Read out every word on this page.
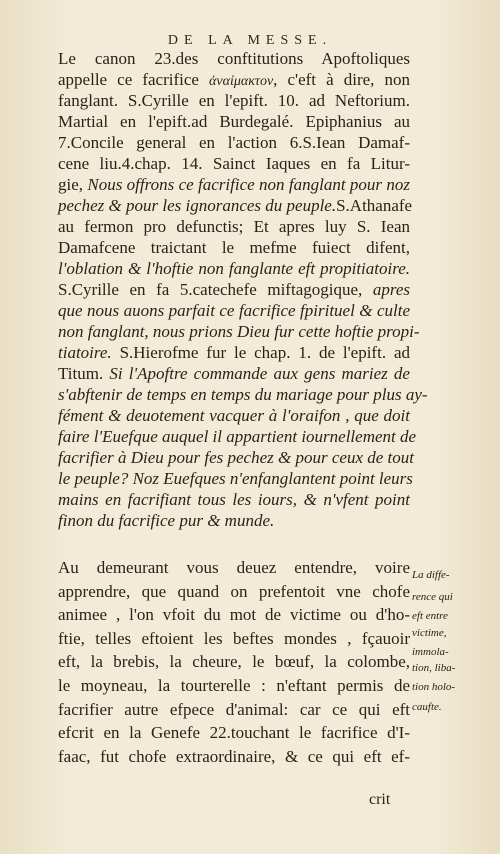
DE LA MESSE.
Le canon 23.des conftitutions Apoftoliques
appelle ce facrifice ἀναίμακτον, c'eft à dire, non
fanglant. S.Cyrille en l'epift. 10. ad Neftorium.
Martial en l'epift.ad Burdegalé. Epiphanius au
7.Concile general en l'action 6.S.Iean Damaf-
cene liu.4.chap. 14. Sainct Iaques en fa Litur-
gie, Nous offrons ce facrifice non fanglant pour noz
pechez & pour les ignorances du peuple.S.Athanafe
au fermon pro defunctis; Et apres luy S. Iean
Damafcene traictant le mefme fuiect difent,
l'oblation & l'hoftie non fanglante eft propitiatoire.
S.Cyrille en fa 5.catechefe miftagogique, apres
que nous auons parfait ce facrifice fpirituel & culte
non fanglant, nous prions Dieu fur cette hoftie propi-
tiatoire. S.Hierofme fur le chap. 1. de l'epift. ad
Titum. Si l'Apoftre commande aux gens mariez de
s'abftenir de temps en temps du mariage pour plus ay-
fément & deuotement vacquer à l'oraifon , que doit
faire l'Euefque auquel il appartient iournellement de
facrifier à Dieu pour fes pechez & pour ceux de tout
le peuple? Noz Euefques n'enfanglantent point leurs
mains en facrifiant tous les iours, & n'vfent point
finon du facrifice pur & munde.
Au demeurant vous deuez entendre, voire
apprendre, que quand on prefentoit vne chofe
animee , l'on vfoit du mot de victime ou d'ho-
ftie, telles eftoient les beftes mondes , fçauoir
eft, la brebis, la cheure, le bœuf, la colombe,
le moyneau, la tourterelle : n'eftant permis de
facrifier autre efpece d'animal: car ce qui eft
efcrit en la Genefe 22.touchant le facrifice d'I-
faac, fut chofe extraordinaire, & ce qui eft ef-
La diffe-
rence qui
eft entre
victime,
immola-
tion, liba-
tion holo-
caufte.
crit
